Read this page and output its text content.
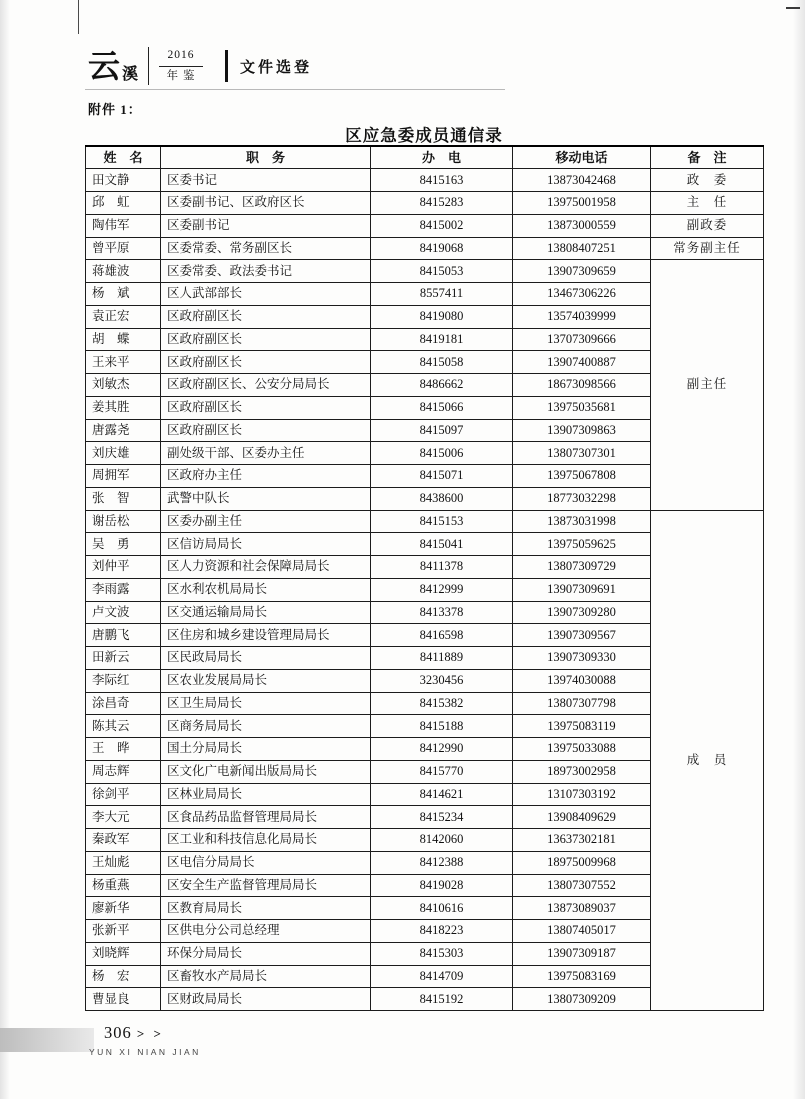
云 溪
2016
年 鉴	文件选登
附件 1：
区应急委成员通信录
姓　名	职　务	办　电	移动电话	备　注
田文静	区委书记	8415163	13873042468	政　委
邱　虹	区委副书记、区政府区长	8415283	13975001958	主　任
陶伟军	区委副书记	8415002	13873000559	副政委
曾平原	区委常委、常务副区长	8419068	13808407251	常务副主任
蒋雄波	区委常委、政法委书记	8415053	13907309659	副主任
杨　斌	区人武部部长	8557411	13467306226	
袁正宏	区政府副区长	8419080	13574039999	
胡　蝶	区政府副区长	8419181	13707309666	
王来平	区政府副区长	8415058	13907400887	
刘敏杰	区政府副区长、公安分局局长	8486662	18673098566	
姜其胜	区政府副区长	8415066	13975035681	
唐露尧	区政府副区长	8415097	13907309863	
刘庆雄	副处级干部、区委办主任	8415006	13807307301	
周拥军	区政府办主任	8415071	13975067808	
张　智	武警中队长	8438600	18773032298	
谢岳松	区委办副主任	8415153	13873031998	成　员
吴　勇	区信访局局长	8415041	13975059625	
刘仲平	区人力资源和社会保障局局长	8411378	13807309729	
李雨露	区水利农机局局长	8412999	13907309691	
卢文波	区交通运输局局长	8413378	13907309280	
唐鹏飞	区住房和城乡建设管理局局长	8416598	13907309567	
田新云	区民政局局长	8411889	13907309330	
李际红	区农业发展局局长	3230456	13974030088	
涂昌奇	区卫生局局长	8415382	13807307798	
陈其云	区商务局局长	8415188	13975083119	
王　晔	国土分局局长	8412990	13975033088	
周志辉	区文化广电新闻出版局局长	8415770	18973002958	
徐剑平	区林业局局长	8414621	13107303192	
李大元	区食品药品监督管理局局长	8415234	13908409629	
秦政军	区工业和科技信息化局局长	8142060	13637302181	
王灿彪	区电信分局局长	8412388	18975009968	
杨重燕	区安全生产监督管理局局长	8419028	13807307552	
廖新华	区教育局局长	8410616	13873089037	
张新平	区供电分公司总经理	8418223	13807405017	
刘晓辉	环保分局局长	8415303	13907309187	
杨　宏	区畜牧水产局局长	8414709	13975083169	
曹显良	区财政局局长	8415192	13807309209	
306 > >
YUN XI NIAN JIAN
